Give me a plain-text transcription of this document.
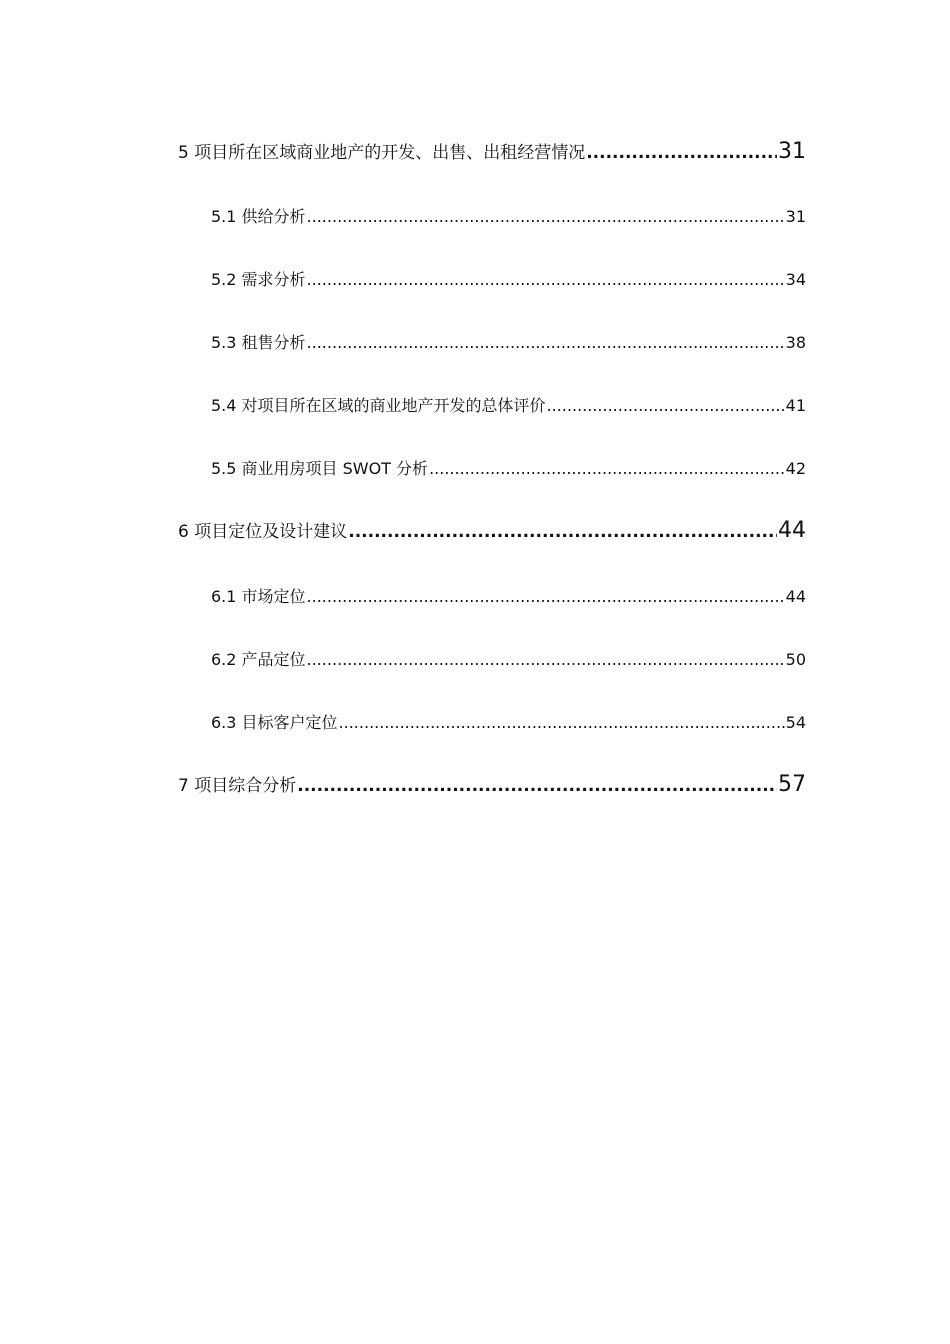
5 项目所在区域商业地产的开发、出售、出租经营情况 .....	31
5.1 供给分析 .....	31
5.2 需求分析 .....	34
5.3 租售分析 .....	38
5.4 对项目所在区域的商业地产开发的总体评价 .....	41
5.5 商业用房项目 SWOT 分析 .....	42
6 项目定位及设计建议 .....	44
6.1 市场定位 .....	44
6.2 产品定位 .....	50
6.3 目标客户定位 .....	54
7 项目综合分析 .....	57
